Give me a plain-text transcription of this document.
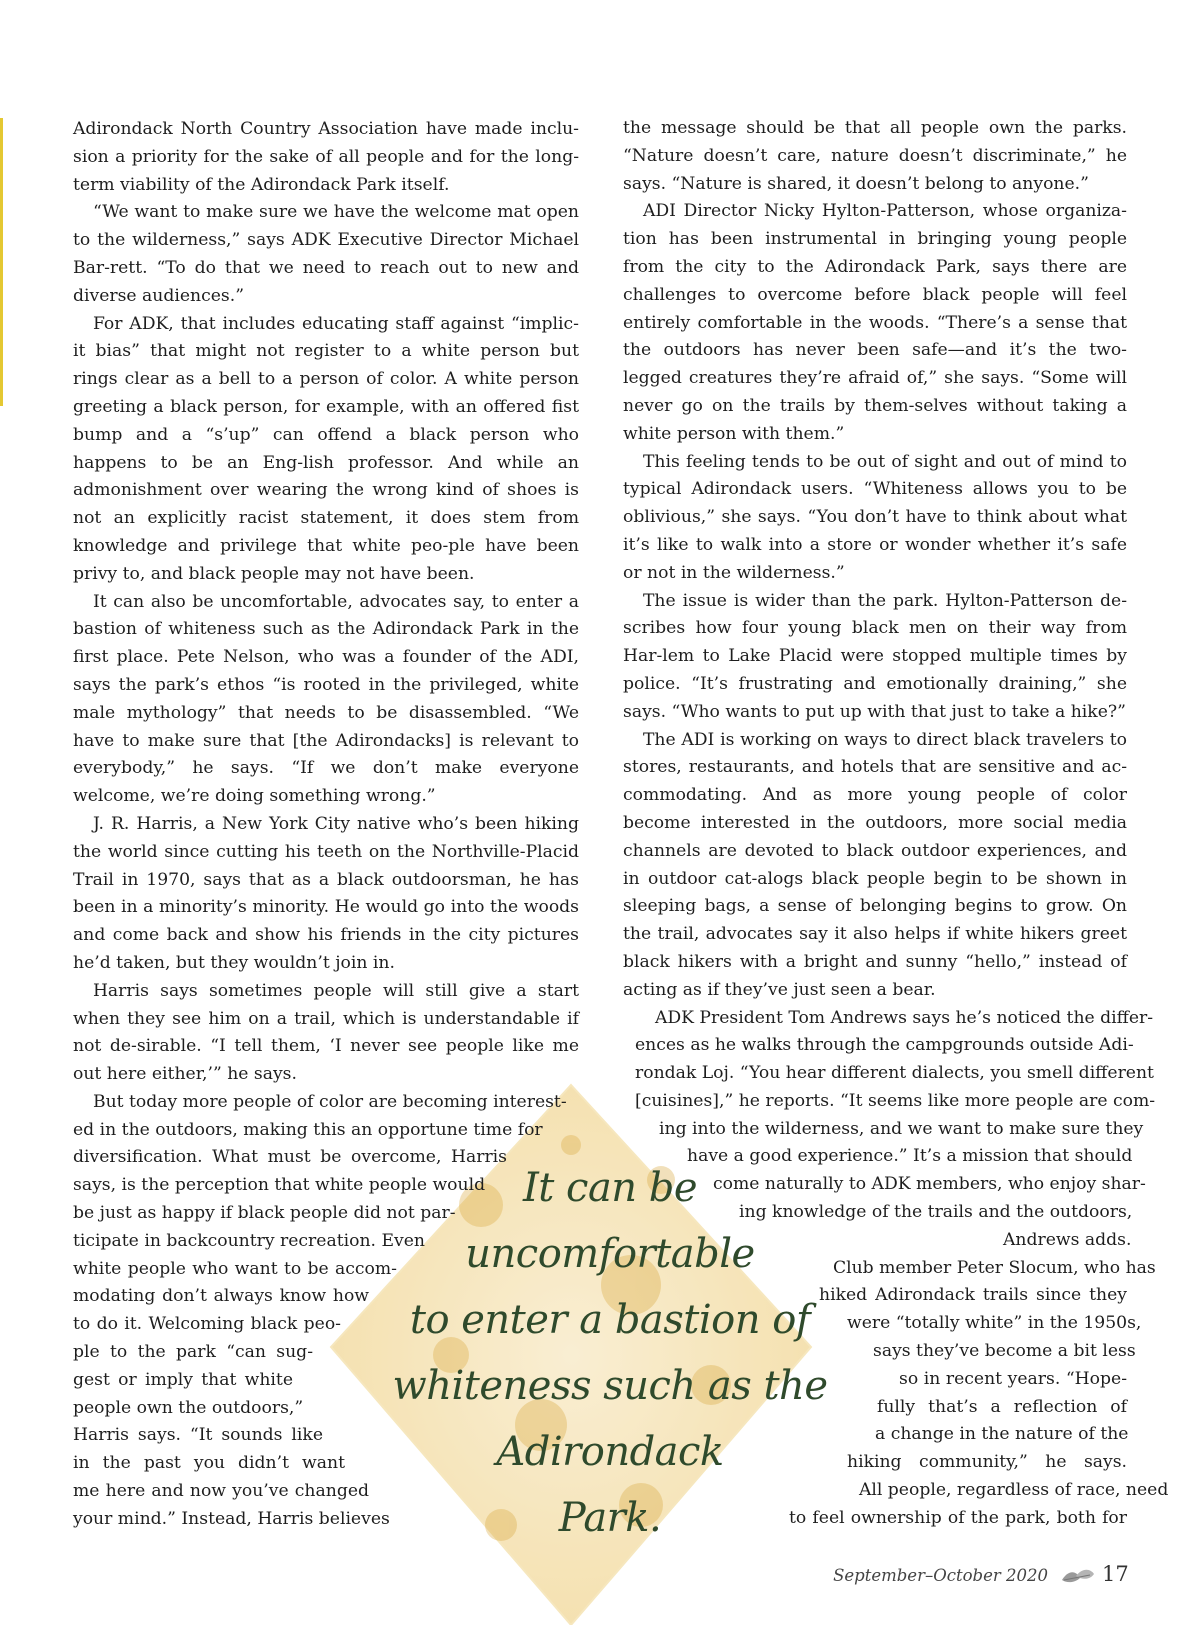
Adirondack North Country Association have made inclu-sion a priority for the sake of all people and for the long-term viability of the Adirondack Park itself.

“We want to make sure we have the welcome mat open to the wilderness,” says ADK Executive Director Michael Bar-rett. “To do that we need to reach out to new and diverse audiences.”

For ADK, that includes educating staff against “implic-it bias” that might not register to a white person but rings clear as a bell to a person of color. A white person greeting a black person, for example, with an offered fist bump and a “s’up” can offend a black person who happens to be an Eng-lish professor. And while an admonishment over wearing the wrong kind of shoes is not an explicitly racist statement, it does stem from knowledge and privilege that white peo-ple have been privy to, and black people may not have been.

It can also be uncomfortable, advocates say, to enter a bastion of whiteness such as the Adirondack Park in the first place. Pete Nelson, who was a founder of the ADI, says the park’s ethos “is rooted in the privileged, white male mythology” that needs to be disassembled. “We have to make sure that [the Adirondacks] is relevant to everybody,” he says. “If we don’t make everyone welcome, we’re doing something wrong.”

J. R. Harris, a New York City native who’s been hiking the world since cutting his teeth on the Northville-Placid Trail in 1970, says that as a black outdoorsman, he has been in a minority’s minority. He would go into the woods and come back and show his friends in the city pictures he’d taken, but they wouldn’t join in.

Harris says sometimes people will still give a start when they see him on a trail, which is understandable if not de-sirable. “I tell them, ‘I never see people like me out here either,’” he says.

But today more people of color are becoming interest-
ed in the outdoors, making this an opportune time for
diversification. What must be overcome, Harris
says, is the perception that white people would
be just as happy if black people did not par-
ticipate in backcountry recreation. Even
white people who want to be accom-
modating don’t always know how
to do it. Welcoming black peo-
ple to the park “can sug-
gest or imply that white
people own the outdoors,”
Harris says. “It sounds like
in the past you didn’t want
me here and now you’ve changed
your mind.” Instead, Harris believes

the message should be that all people own the parks. “Nature doesn’t care, nature doesn’t discriminate,” he says. “Nature is shared, it doesn’t belong to anyone.”

ADI Director Nicky Hylton-Patterson, whose organiza-tion has been instrumental in bringing young people from the city to the Adirondack Park, says there are challenges to overcome before black people will feel entirely comfortable in the woods. “There’s a sense that the outdoors has never been safe—and it’s the two-legged creatures they’re afraid of,” she says. “Some will never go on the trails by them-selves without taking a white person with them.”

This feeling tends to be out of sight and out of mind to typical Adirondack users. “Whiteness allows you to be oblivious,” she says. “You don’t have to think about what it’s like to walk into a store or wonder whether it’s safe or not in the wilderness.”

The issue is wider than the park. Hylton-Patterson de-scribes how four young black men on their way from Har-lem to Lake Placid were stopped multiple times by police. “It’s frustrating and emotionally draining,” she says. “Who wants to put up with that just to take a hike?”

The ADI is working on ways to direct black travelers to stores, restaurants, and hotels that are sensitive and ac-commodating. And as more young people of color become interested in the outdoors, more social media channels are devoted to black outdoor experiences, and in outdoor cat-alogs black people begin to be shown in sleeping bags, a sense of belonging begins to grow. On the trail, advocates say it also helps if white hikers greet black hikers with a bright and sunny “hello,” instead of acting as if they’ve just seen a bear.

ADK President Tom Andrews says he’s noticed the differ-
ences as he walks through the campgrounds outside Adi-
rondak Loj. “You hear different dialects, you smell different
[cuisines],” he reports. “It seems like more people are com-
ing into the wilderness, and we want to make sure they
have a good experience.” It’s a mission that should
come naturally to ADK members, who enjoy shar-
ing knowledge of the trails and the outdoors,
Andrews adds.
Club member Peter Slocum, who has
hiked Adirondack trails since they
were “totally white” in the 1950s,
says they’ve become a bit less
so in recent years. “Hope-
fully that’s a reflection of
a change in the nature of the
hiking community,” he says.
All people, regardless of race, need
to feel ownership of the park, both for
It can be
uncomfortable
to enter a bastion of
whiteness such as the
Adirondack
Park.
September–October 2020	17
